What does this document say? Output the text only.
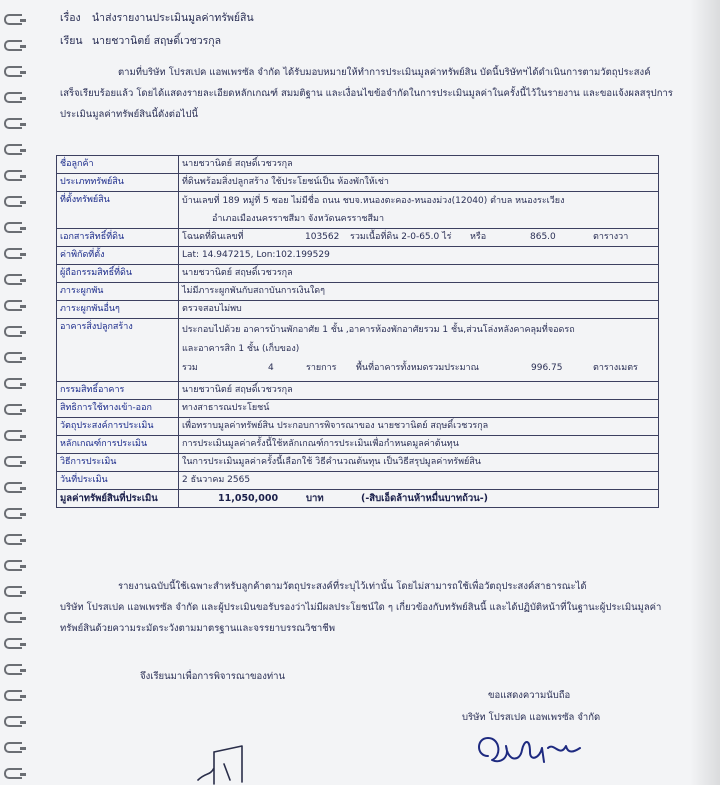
เรื่อง นำส่งรายงานประเมินมูลค่าทรัพย์สิน
เรียน นายชวานิตย์ สฤษดิ์เวชวรกุล
ตามที่บริษัท โปรสเปค แอพเพรซัล จำกัด ได้รับมอบหมายให้ทำการประเมินมูลค่าทรัพย์สิน บัดนี้บริษัทฯได้ดำเนินการตามวัตถุประสงค์
เสร็จเรียบร้อยแล้ว โดยได้แสดงรายละเอียดหลักเกณฑ์ สมมติฐาน และเงื่อนไขข้อจำกัดในการประเมินมูลค่าในครั้งนี้ไว้ในรายงาน และขอแจ้งผลสรุปการ
ประเมินมูลค่าทรัพย์สินนี้ดังต่อไปนี้
ชื่อลูกค้า	นายชวานิตย์ สฤษดิ์เวชวรกุล
ประเภททรัพย์สิน	ที่ดินพร้อมสิ่งปลูกสร้าง ใช้ประโยชน์เป็น ห้องพักให้เช่า
ที่ตั้งทรัพย์สิน	บ้านเลขที่ 189 หมู่ที่ 5 ซอย ไม่มีชื่อ ถนน ชบจ.หนองตะคอง-หนองม่วง(12040) ตำบล หนองระเวียง
อำเภอเมืองนครราชสีมา จังหวัดนครราชสีมา

เอกสารสิทธิ์ที่ดิน	โฉนดที่ดินเลขที่ 103562 รวมเนื้อที่ดิน 2-0-65.0 ไร่ หรือ 865.0 ตารางวา
ค่าพิกัดที่ตั้ง	Lat: 14.947215, Lon:102.199529
ผู้ถือกรรมสิทธิ์ที่ดิน	นายชวานิตย์ สฤษดิ์เวชวรกุล
ภาระผูกพัน	ไม่มีภาระผูกพันกับสถาบันการเงินใดๆ
ภาระผูกพันอื่นๆ	ตรวจสอบไม่พบ
อาคารสิ่งปลูกสร้าง	ประกอบไปด้วย อาคารบ้านพักอาศัย 1 ชั้น ,อาคารห้องพักอาศัยรวม 1 ชั้น,ส่วนโล่งหลังคาคลุมที่จอดรถ
และอาคารสิก 1 ชั้น (เก็บของ)
รวม 4 รายการ พื้นที่อาคารทั้งหมดรวมประมาณ 996.75 ตารางเมตร

กรรมสิทธิ์อาคาร	นายชวานิตย์ สฤษดิ์เวชวรกุล
สิทธิการใช้ทางเข้า-ออก	ทางสาธารณประโยชน์
วัตถุประสงค์การประเมิน	เพื่อทราบมูลค่าทรัพย์สิน ประกอบการพิจารณาของ นายชวานิตย์ สฤษดิ์เวชวรกุล
หลักเกณฑ์การประเมิน	การประเมินมูลค่าครั้งนี้ใช้หลักเกณฑ์การประเมินเพื่อกำหนดมูลค่าต้นทุน
วิธีการประเมิน	ในการประเมินมูลค่าครั้งนี้เลือกใช้ วิธีคำนวณต้นทุน เป็นวิธีสรุปมูลค่าทรัพย์สิน
วันที่ประเมิน	2 ธันวาคม 2565
มูลค่าทรัพย์สินที่ประเมิน	11,050,000 บาท (-สิบเอ็ดล้านห้าหมื่นบาทถ้วน-)
รายงานฉบับนี้ใช้เฉพาะสำหรับลูกค้าตามวัตถุประสงค์ที่ระบุไว้เท่านั้น โดยไม่สามารถใช้เพื่อวัตถุประสงค์สาธารณะได้
บริษัท โปรสเปค แอพเพรซัล จำกัด และผู้ประเมินขอรับรองว่าไม่มีผลประโยชน์ใด ๆ เกี่ยวข้องกับทรัพย์สินนี้ และได้ปฏิบัติหน้าที่ในฐานะผู้ประเมินมูลค่า
ทรัพย์สินด้วยความระมัดระวังตามมาตรฐานและจรรยาบรรณวิชาชีพ
จึงเรียนมาเพื่อการพิจารณาของท่าน
ขอแสดงความนับถือ
บริษัท โปรสเปค แอพเพรซัล จำกัด
